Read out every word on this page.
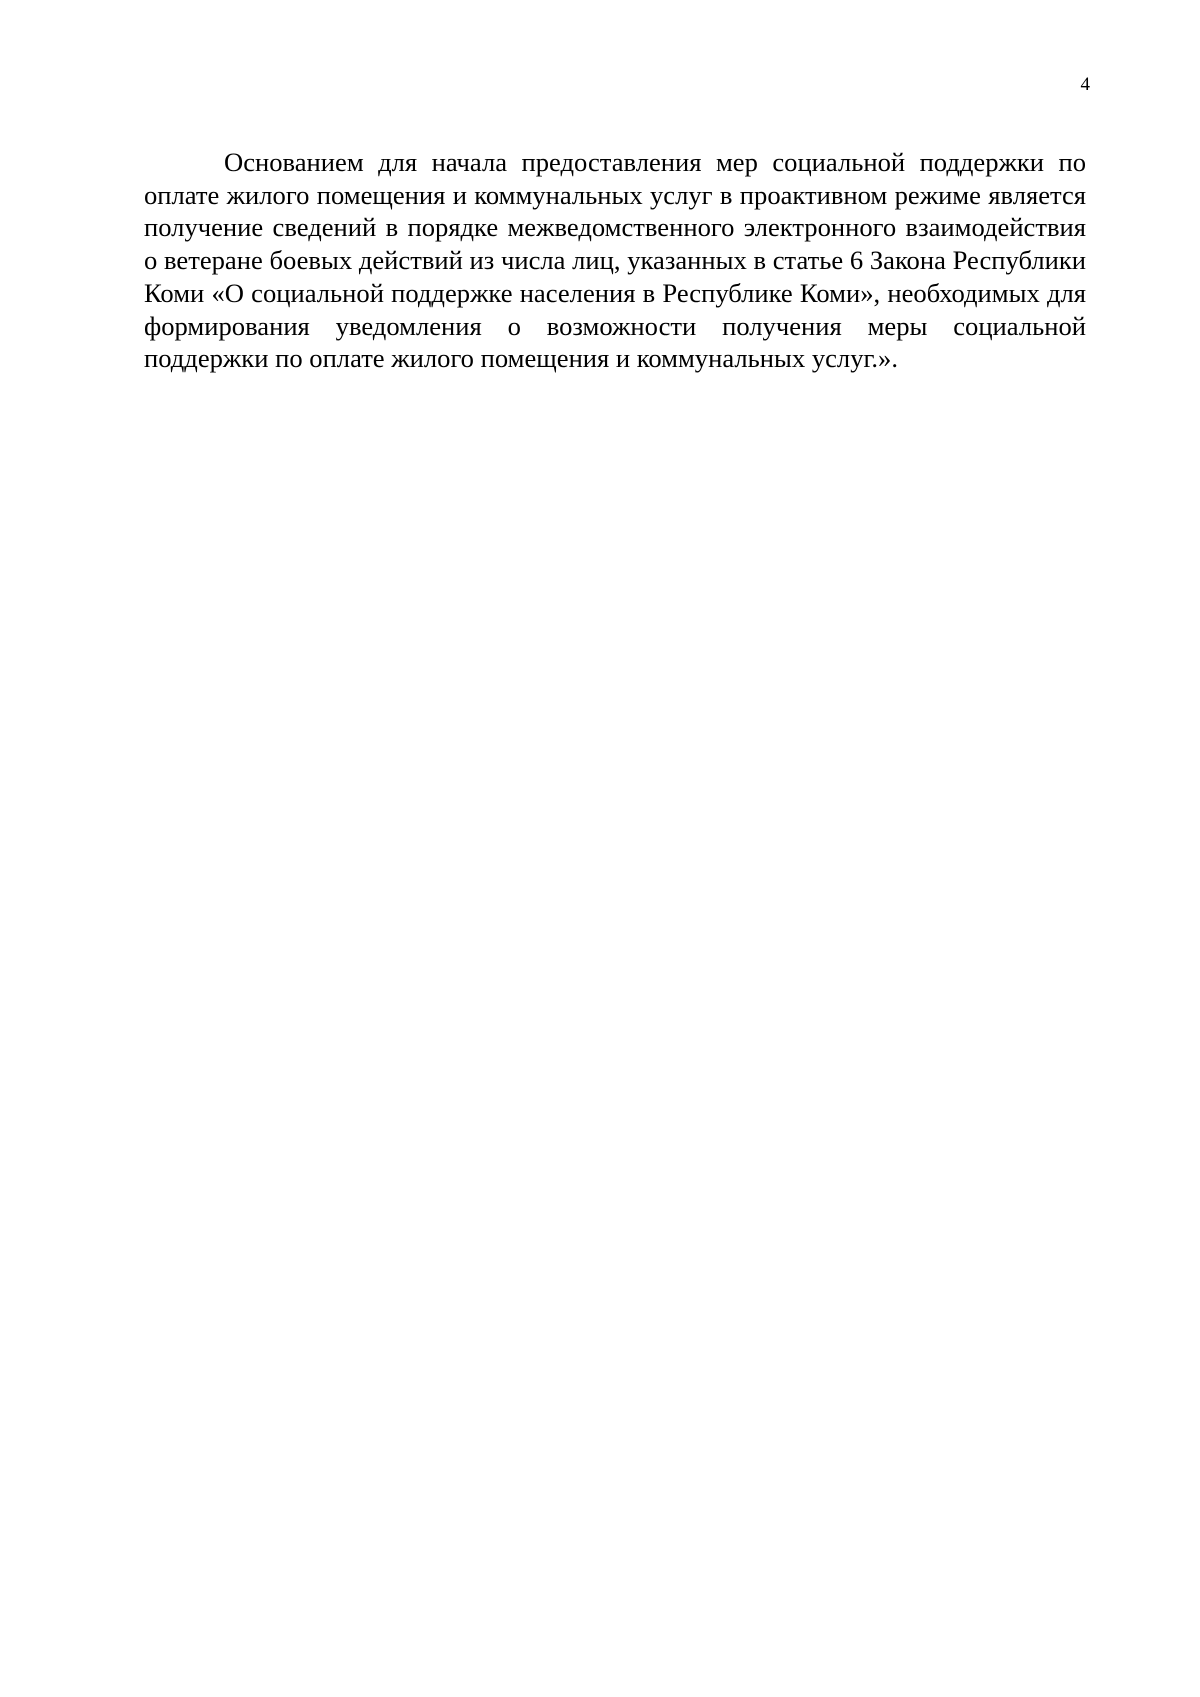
4

Основанием для начала предоставления мер социальной поддержки по оплате жилого помещения и коммунальных услуг в проактивном режиме является получение сведений в порядке межведомственного электронного взаимодействия о ветеране боевых действий из числа лиц, указанных в статье 6 Закона Республики Коми «О социальной поддержке населения в Республике Коми», необходимых для формирования уведомления о возможности получения меры социальной поддержки по оплате жилого помещения и коммунальных услуг.».
